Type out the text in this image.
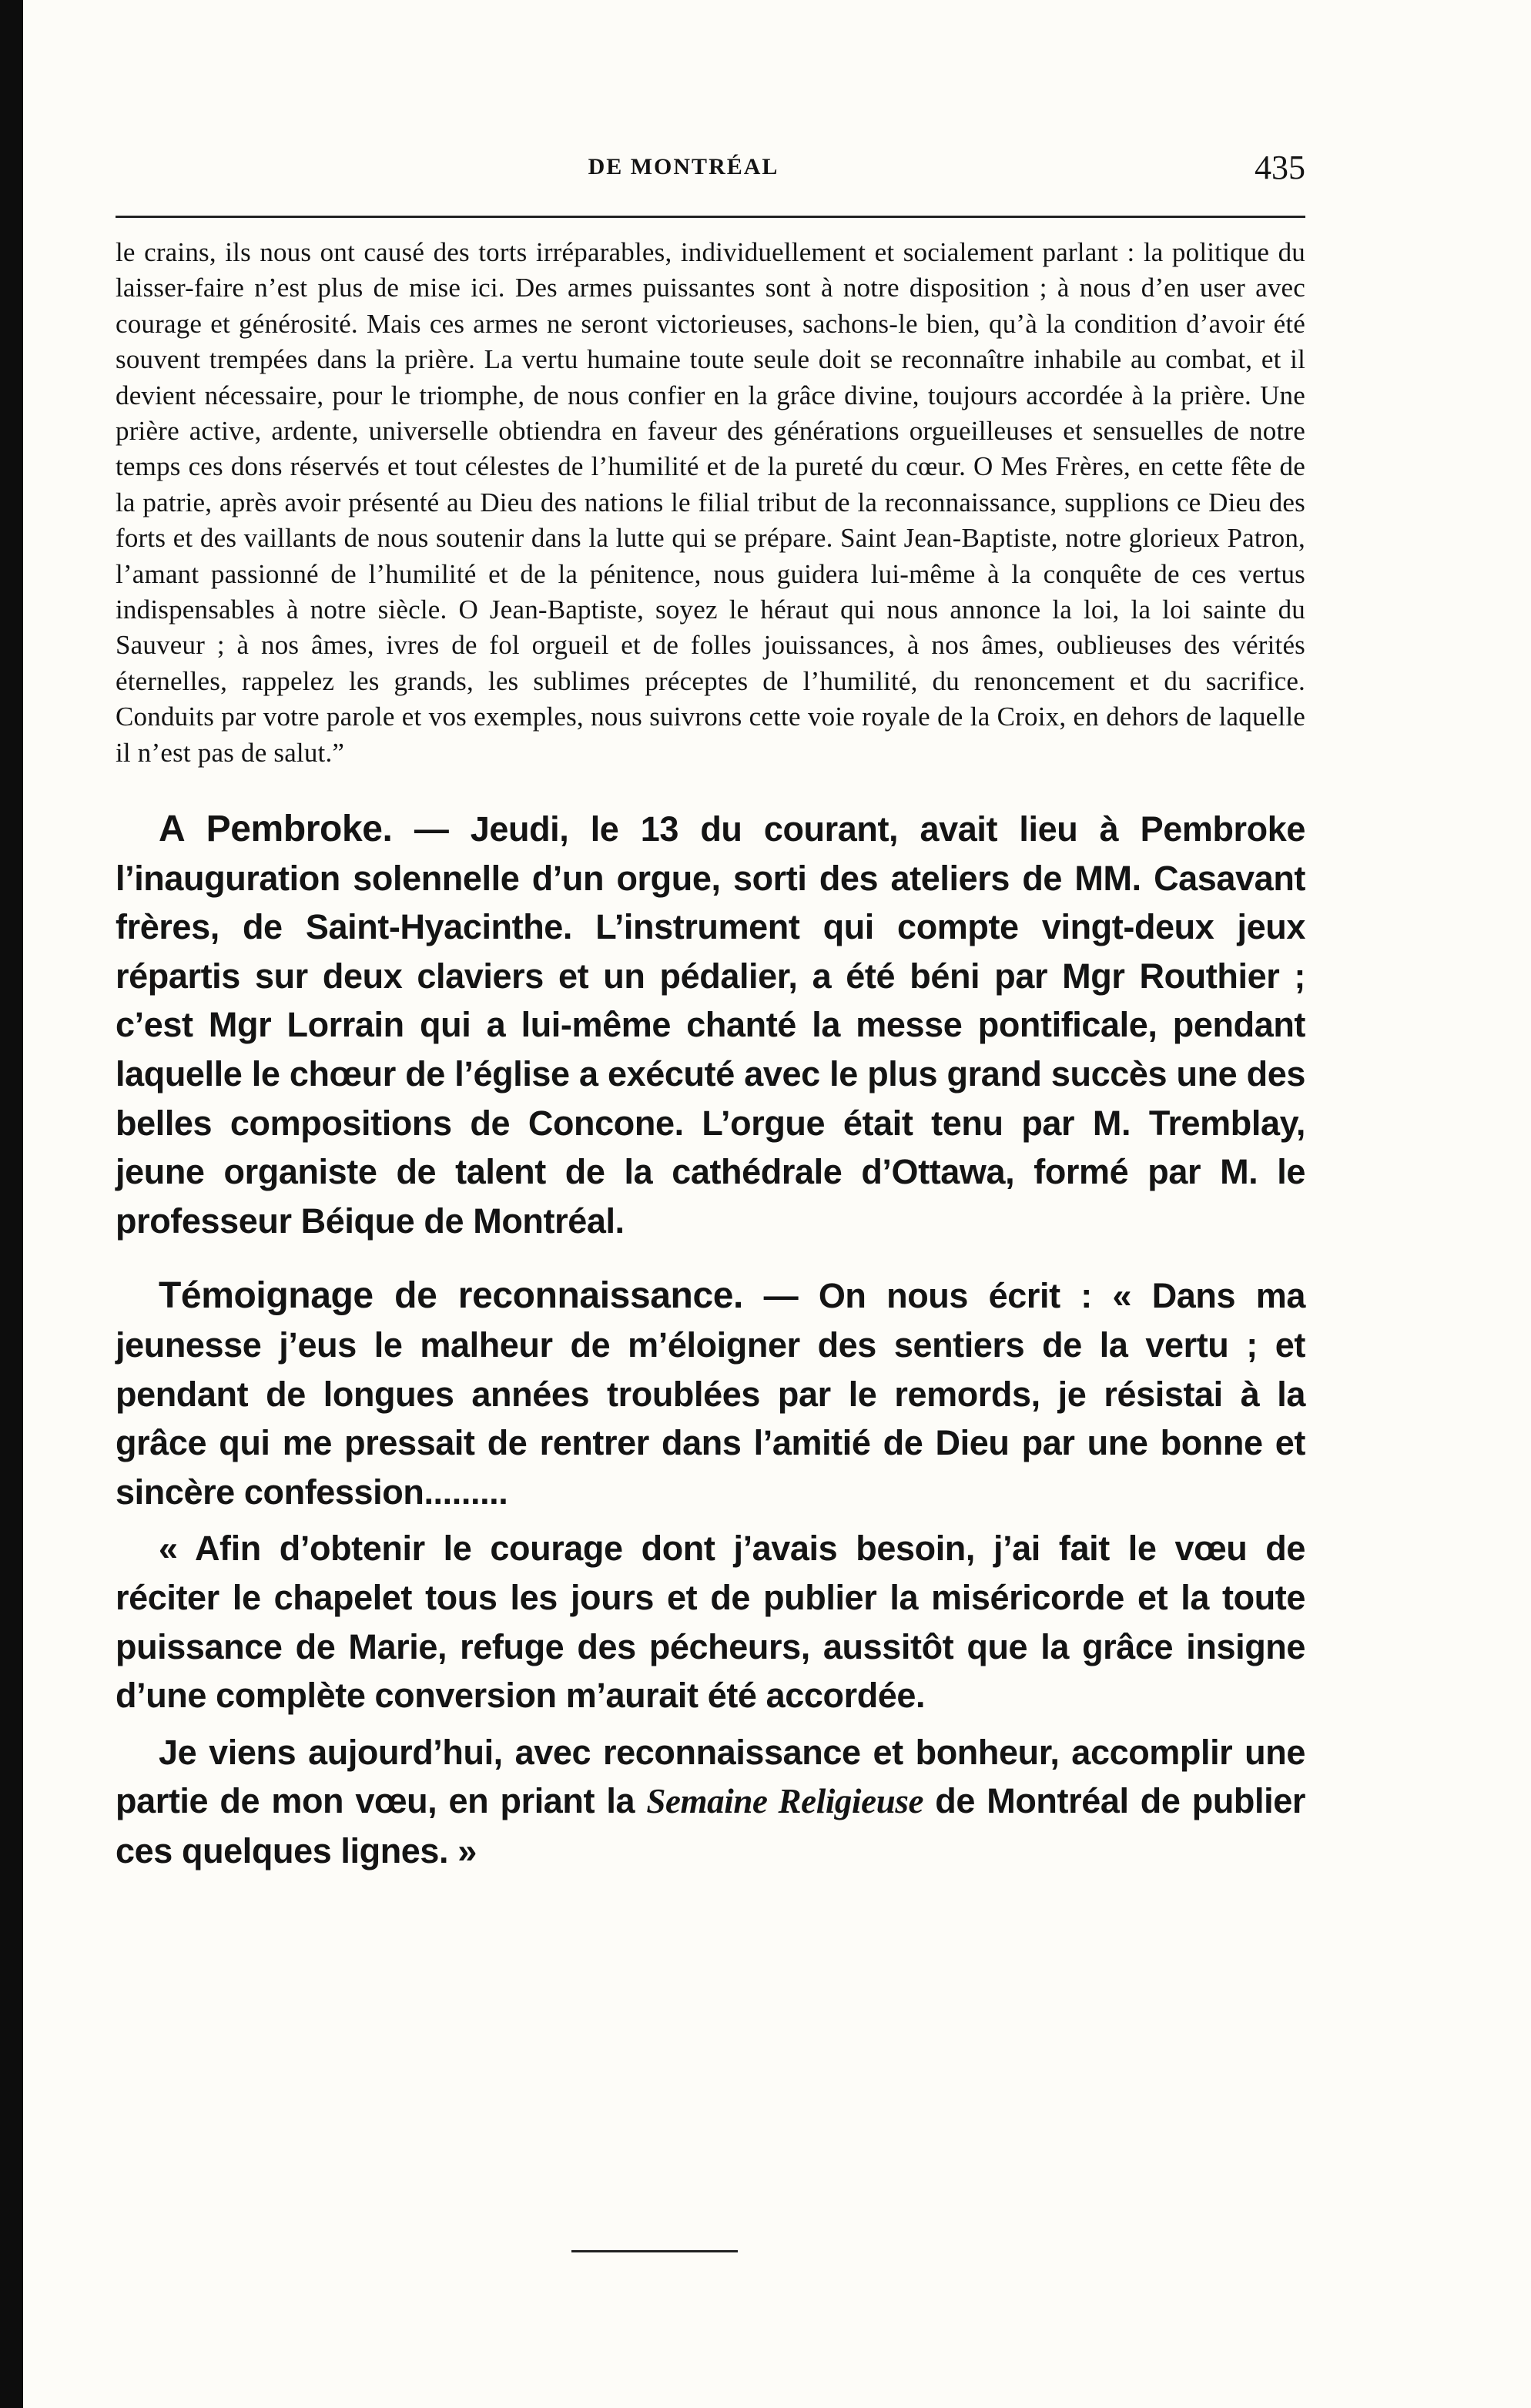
DE MONTRÉAL	435
le crains, ils nous ont causé des torts irréparables, individuellement et socialement parlant : la politique du laisser-faire n’est plus de mise ici. Des armes puissantes sont à notre disposition ; à nous d’en user avec courage et générosité. Mais ces armes ne seront victorieuses, sachons-le bien, qu’à la condition d’avoir été souvent trempées dans la prière. La vertu humaine toute seule doit se reconnaître inhabile au combat, et il devient nécessaire, pour le triomphe, de nous confier en la grâce divine, toujours accordée à la prière. Une prière active, ardente, universelle obtiendra en faveur des générations orgueilleuses et sensuelles de notre temps ces dons réservés et tout célestes de l’humilité et de la pureté du cœur. O Mes Frères, en cette fête de la patrie, après avoir présenté au Dieu des nations le filial tribut de la reconnaissance, supplions ce Dieu des forts et des vaillants de nous soutenir dans la lutte qui se prépare. Saint Jean-Baptiste, notre glorieux Patron, l’amant passionné de l’humilité et de la pénitence, nous guidera lui-même à la conquête de ces vertus indispensables à notre siècle. O Jean-Baptiste, soyez le héraut qui nous annonce la loi, la loi sainte du Sauveur ; à nos âmes, ivres de fol orgueil et de folles jouissances, à nos âmes, oublieuses des vérités éternelles, rappelez les grands, les sublimes préceptes de l’humilité, du renoncement et du sacrifice. Conduits par votre parole et vos exemples, nous suivrons cette voie royale de la Croix, en dehors de laquelle il n’est pas de salut.”

A Pembroke. — Jeudi, le 13 du courant, avait lieu à Pembroke l’inauguration solennelle d’un orgue, sorti des ateliers de MM. Casavant frères, de Saint-Hyacinthe. L’instrument qui compte vingt-deux jeux répartis sur deux claviers et un pédalier, a été béni par Mgr Routhier ; c’est Mgr Lorrain qui a lui-même chanté la messe pontificale, pendant laquelle le chœur de l’église a exécuté avec le plus grand succès une des belles compositions de Concone. L’orgue était tenu par M. Tremblay, jeune organiste de talent de la cathédrale d’Ottawa, formé par M. le professeur Béique de Montréal.

Témoignage de reconnaissance. — On nous écrit : « Dans ma jeunesse j’eus le malheur de m’éloigner des sentiers de la vertu ; et pendant de longues années troublées par le remords, je résistai à la grâce qui me pressait de rentrer dans l’amitié de Dieu par une bonne et sincère confession.........

« Afin d’obtenir le courage dont j’avais besoin, j’ai fait le vœu de réciter le chapelet tous les jours et de publier la miséricorde et la toute puissance de Marie, refuge des pécheurs, aussitôt que la grâce insigne d’une complète conversion m’aurait été accordée.

Je viens aujourd’hui, avec reconnaissance et bonheur, accomplir une partie de mon vœu, en priant la Semaine Religieuse de Montréal de publier ces quelques lignes. »
